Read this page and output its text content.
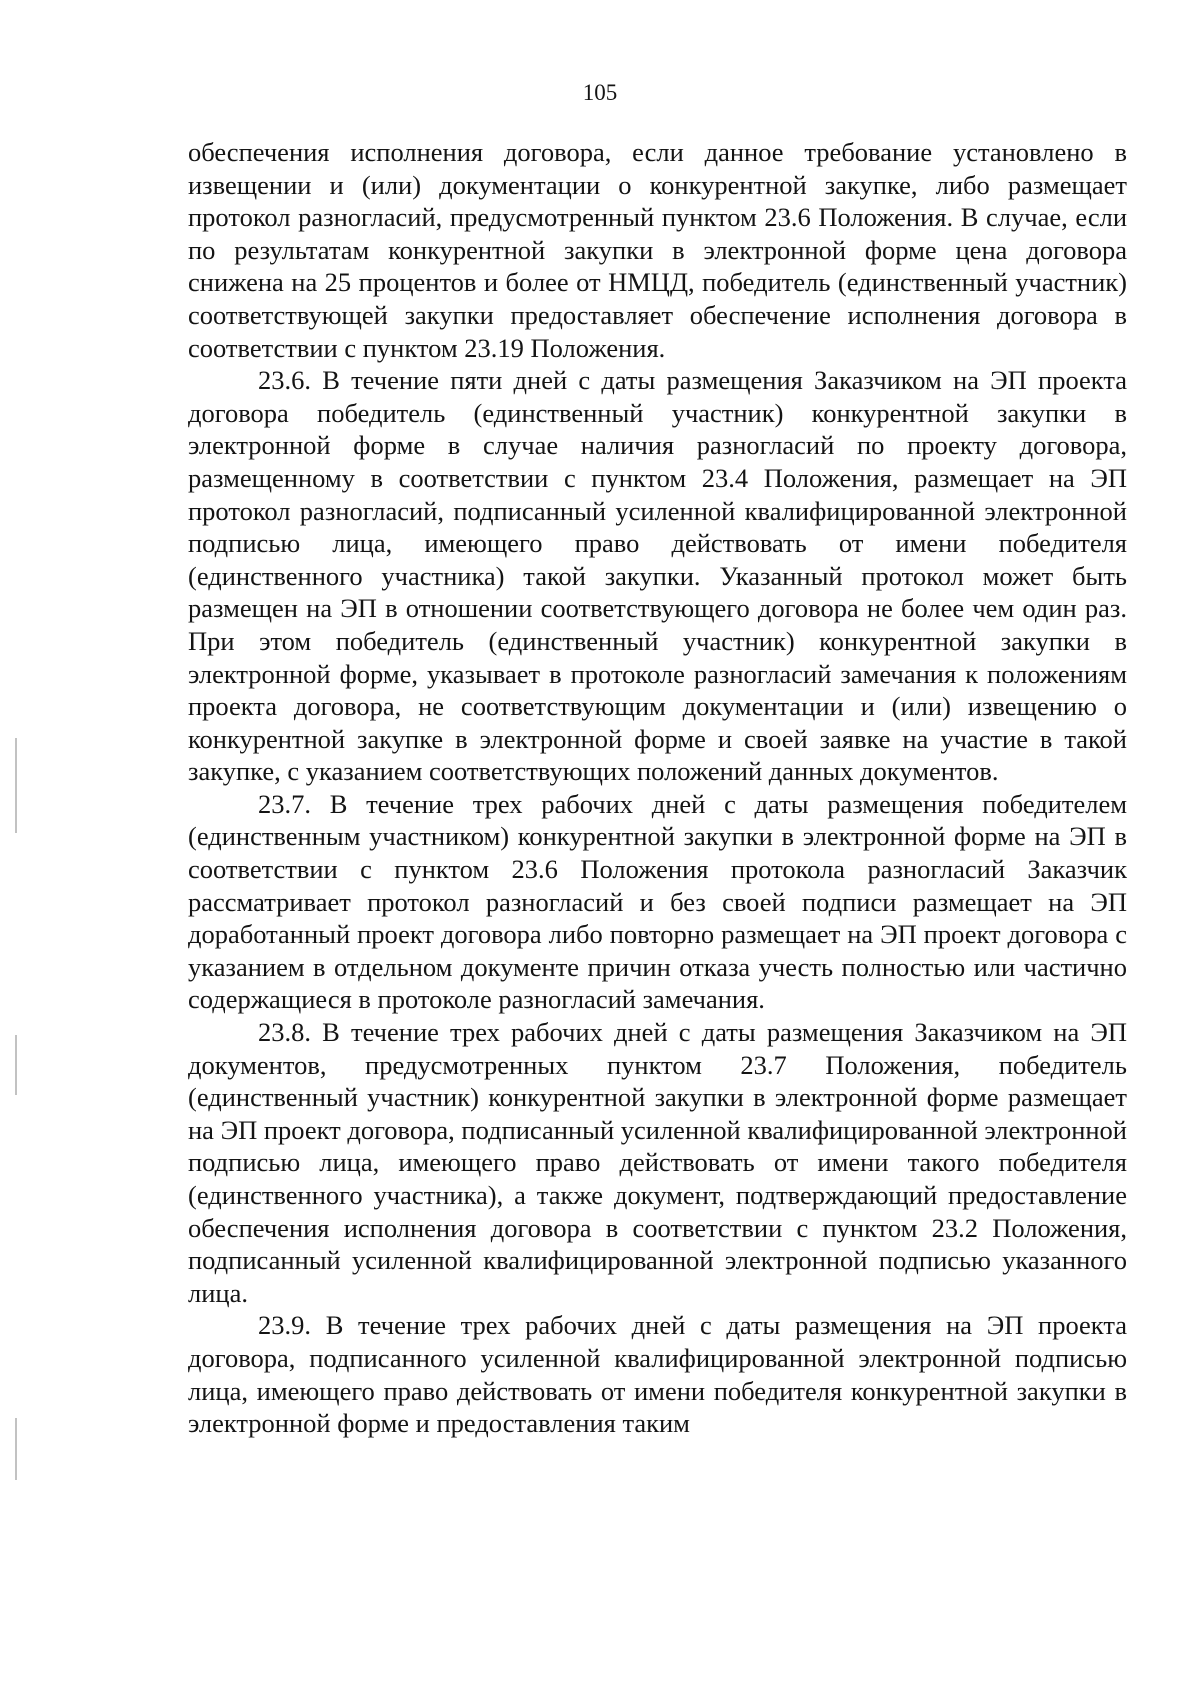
105

обеспечения исполнения договора, если данное требование установлено в извещении и (или) документации о конкурентной закупке, либо размещает протокол разногласий, предусмотренный пунктом 23.6 Положения. В случае, если по результатам конкурентной закупки в электронной форме цена договора снижена на 25 процентов и более от НМЦД, победитель (единственный участник) соответствующей закупки предоставляет обеспечение исполнения договора в соответствии с пунктом 23.19 Положения.

23.6. В течение пяти дней с даты размещения Заказчиком на ЭП проекта договора победитель (единственный участник) конкурентной закупки в электронной форме в случае наличия разногласий по проекту договора, размещенному в соответствии с пунктом 23.4 Положения, размещает на ЭП протокол разногласий, подписанный усиленной квалифицированной электронной подписью лица, имеющего право действовать от имени победителя (единственного участника) такой закупки. Указанный протокол может быть размещен на ЭП в отношении соответствующего договора не более чем один раз. При этом победитель (единственный участник) конкурентной закупки в электронной форме, указывает в протоколе разногласий замечания к положениям проекта договора, не соответствующим документации и (или) извещению о конкурентной закупке в электронной форме и своей заявке на участие в такой закупке, с указанием соответствующих положений данных документов.

23.7. В течение трех рабочих дней с даты размещения победителем (единственным участником) конкурентной закупки в электронной форме на ЭП в соответствии с пунктом 23.6 Положения протокола разногласий Заказчик рассматривает протокол разногласий и без своей подписи размещает на ЭП доработанный проект договора либо повторно размещает на ЭП проект договора с указанием в отдельном документе причин отказа учесть полностью или частично содержащиеся в протоколе разногласий замечания.

23.8. В течение трех рабочих дней с даты размещения Заказчиком на ЭП документов, предусмотренных пунктом 23.7 Положения, победитель (единственный участник) конкурентной закупки в электронной форме размещает на ЭП проект договора, подписанный усиленной квалифицированной электронной подписью лица, имеющего право действовать от имени такого победителя (единственного участника), а также документ, подтверждающий предоставление обеспечения исполнения договора в соответствии с пунктом 23.2 Положения, подписанный усиленной квалифицированной электронной подписью указанного лица.

23.9. В течение трех рабочих дней с даты размещения на ЭП проекта договора, подписанного усиленной квалифицированной электронной подписью лица, имеющего право действовать от имени победителя конкурентной закупки в электронной форме и предоставления таким
